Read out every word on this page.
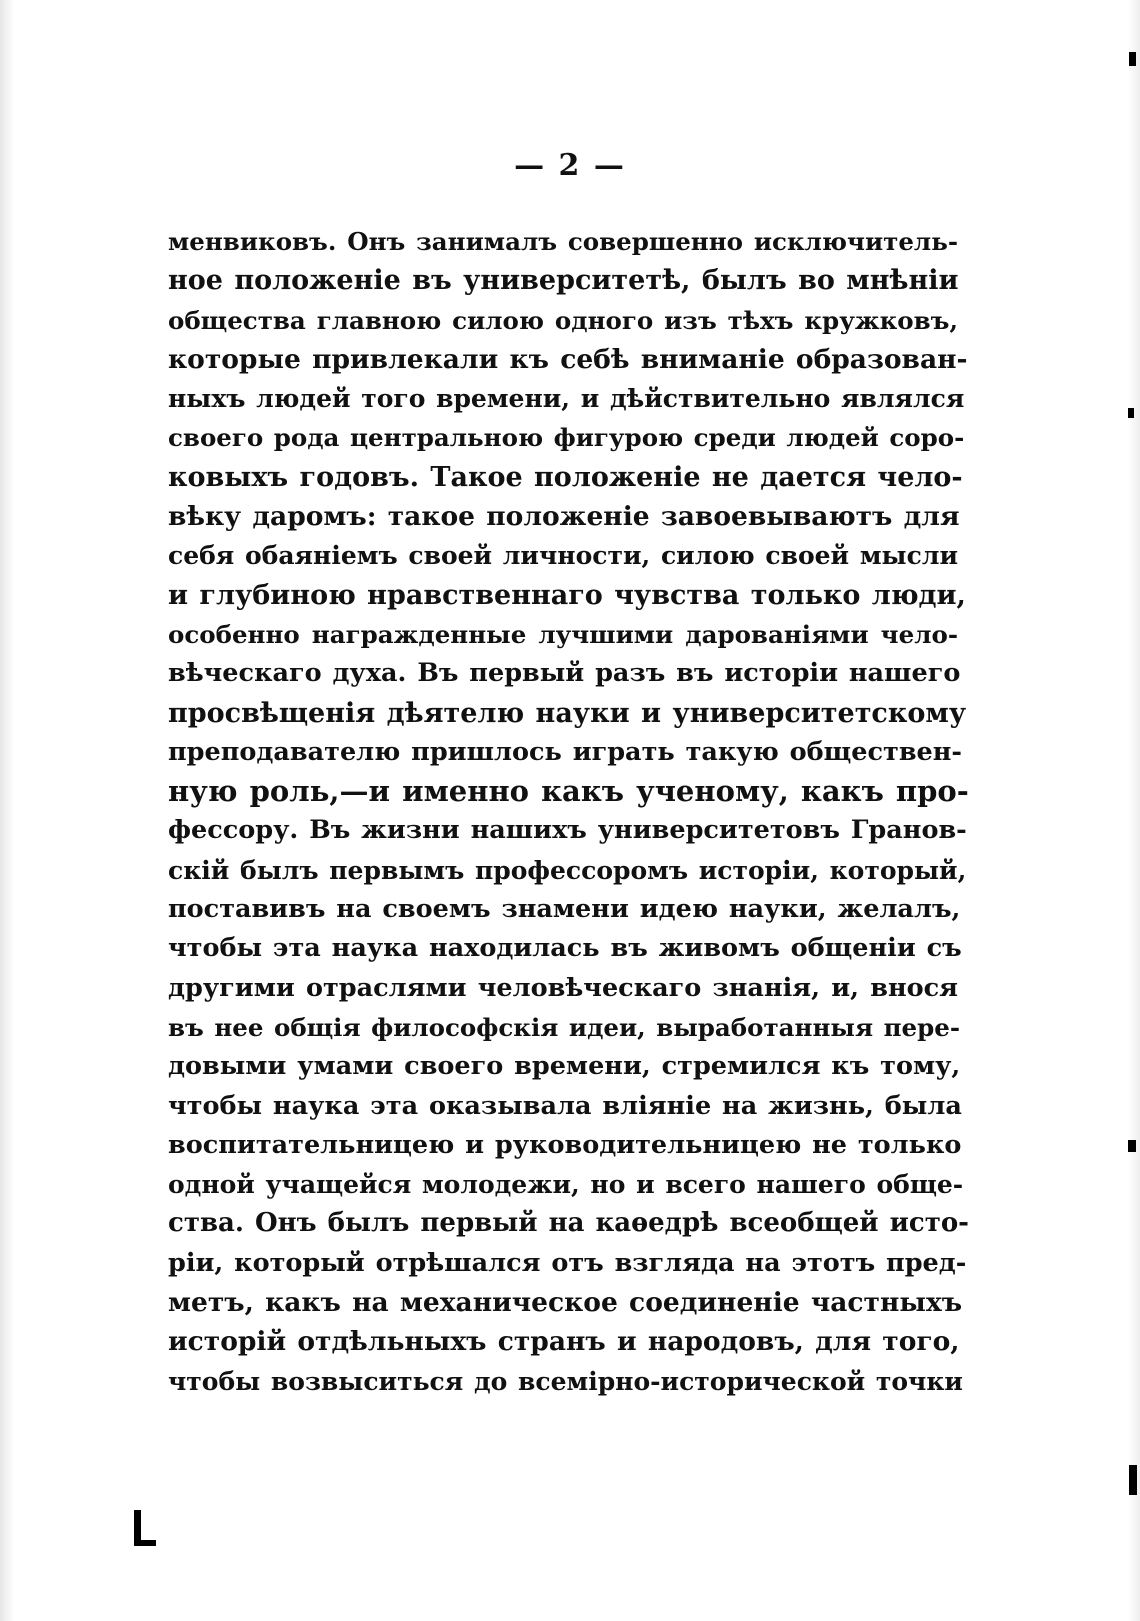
— 2 —
менвиковъ. Онъ занималъ совершенно исключитель-
ное положеніе въ университетѣ, былъ во мнѣніи
общества главною силою одного изъ тѣхъ кружковъ,
которые привлекали къ себѣ вниманіе образован-
ныхъ людей того времени, и дѣйствительно являлся
своего рода центральною фигурою среди людей соро-
ковыхъ годовъ. Такое положеніе не дается чело-
вѣку даромъ: такое положеніе завоевываютъ для
себя обаяніемъ своей личности, силою своей мысли
и глубиною нравственнаго чувства только люди,
особенно награжденные лучшими дарованіями чело-
вѣческаго духа. Въ первый разъ въ исторіи нашего
просвѣщенія дѣятелю науки и университетскому
преподавателю пришлось играть такую обществен-
ную роль,—и именно какъ ученому, какъ про-
фессору. Въ жизни нашихъ университетовъ Гранов-
скій былъ первымъ профессоромъ исторіи, который,
поставивъ на своемъ знамени идею науки, желалъ,
чтобы эта наука находилась въ живомъ общеніи съ
другими отраслями человѣческаго знанія, и, внося
въ нее общія философскія идеи, выработанныя пере-
довыми умами своего времени, стремился къ тому,
чтобы наука эта оказывала вліяніе на жизнь, была
воспитательницею и руководительницею не только
одной учащейся молодежи, но и всего нашего обще-
ства. Онъ былъ первый на каѳедрѣ всеобщей исто-
ріи, который отрѣшался отъ взгляда на этотъ пред-
метъ, какъ на механическое соединеніе частныхъ
исторій отдѣльныхъ странъ и народовъ, для того,
чтобы возвыситься до всемірно-исторической точки
